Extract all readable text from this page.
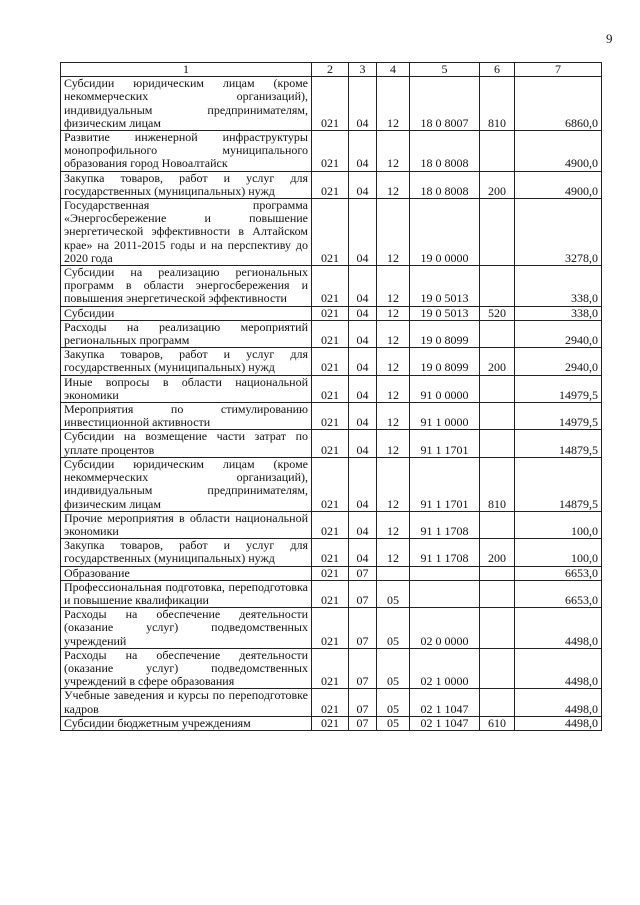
9
1	2	3	4	5	6	7
Субсидии юридическим лицам (кроме некоммерческих организаций), индивидуальным предпринимателям, физическим лицам	021	04	12	18 0 8007	810	6860,0
Развитие инженерной инфраструктуры монопрофильного муниципального образования город Новоалтайск	021	04	12	18 0 8008		4900,0
Закупка товаров, работ и услуг для государственных (муниципальных) нужд	021	04	12	18 0 8008	200	4900,0
Государственная программа «Энергосбережение и повышение энергетической эффективности в Алтайском крае» на 2011-2015 годы и на перспективу до 2020 года	021	04	12	19 0 0000		3278,0
Субсидии на реализацию региональных программ в области энергосбережения и повышения энергетической эффективности	021	04	12	19 0 5013		338,0
Субсидии	021	04	12	19 0 5013	520	338,0
Расходы на реализацию мероприятий региональных программ	021	04	12	19 0 8099		2940,0
Закупка товаров, работ и услуг для государственных (муниципальных) нужд	021	04	12	19 0 8099	200	2940,0
Иные вопросы в области национальной экономики	021	04	12	91 0 0000		14979,5
Мероприятия по стимулированию инвестиционной активности	021	04	12	91 1 0000		14979,5
Субсидии на возмещение части затрат по уплате процентов	021	04	12	91 1 1701		14879,5
Субсидии юридическим лицам (кроме некоммерческих организаций), индивидуальным предпринимателям, физическим лицам	021	04	12	91 1 1701	810	14879,5
Прочие мероприятия в области национальной экономики	021	04	12	91 1 1708		100,0
Закупка товаров, работ и услуг для государственных (муниципальных) нужд	021	04	12	91 1 1708	200	100,0
Образование	021	07				6653,0
Профессиональная подготовка, переподготовка и повышение квалификации	021	07	05			6653,0
Расходы на обеспечение деятельности (оказание услуг) подведомственных учреждений	021	07	05	02 0 0000		4498,0
Расходы на обеспечение деятельности (оказание услуг) подведомственных учреждений в сфере образования	021	07	05	02 1 0000		4498,0
Учебные заведения и курсы по переподготовке кадров	021	07	05	02 1 1047		4498,0
Субсидии бюджетным учреждениям	021	07	05	02 1 1047	610	4498,0
